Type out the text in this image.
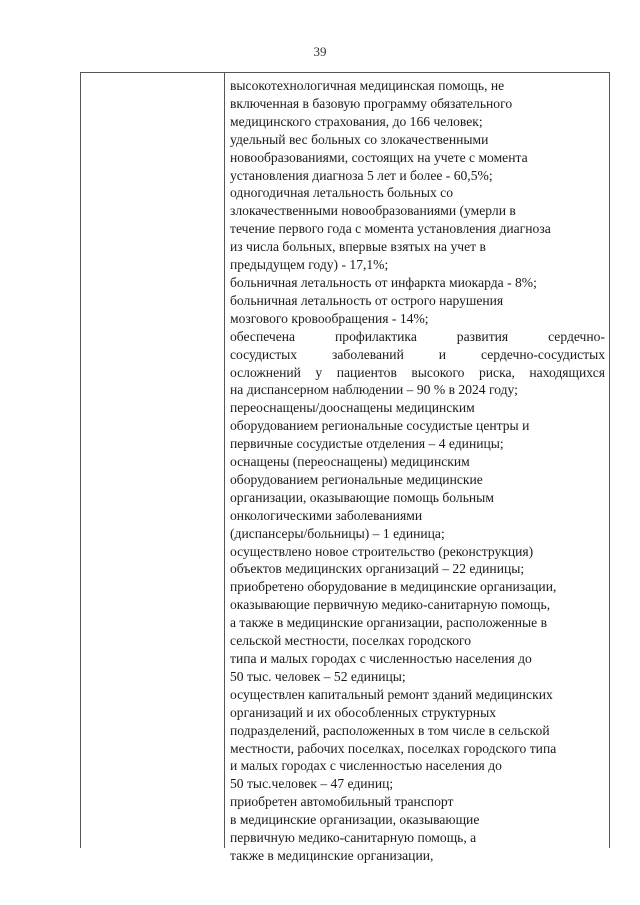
39
высокотехнологичная медицинская помощь, не
включенная в базовую программу обязательного
медицинского страхования, до 166 человек;
удельный вес больных со злокачественными
новообразованиями, состоящих на учете с момента
установления диагноза 5 лет и более - 60,5%;
одногодичная летальность больных со
злокачественными новообразованиями (умерли в
течение первого года с момента установления диагноза
из числа больных, впервые взятых на учет в
предыдущем году) - 17,1%;
больничная летальность от инфаркта миокарда - 8%;
больничная летальность от острого нарушения
мозгового кровообращения - 14%;
обеспечена профилактика развития сердечно-
сосудистых заболеваний и сердечно-сосудистых
осложнений у пациентов высокого риска, находящихся
на диспансерном наблюдении – 90 % в 2024 году;
переоснащены/дооснащены медицинским
оборудованием региональные сосудистые центры и
первичные сосудистые отделения – 4 единицы;
оснащены (переоснащены) медицинским
оборудованием региональные медицинские
организации, оказывающие помощь больным
онкологическими заболеваниями
(диспансеры/больницы) – 1 единица;
осуществлено новое строительство (реконструкция)
объектов медицинских организаций – 22 единицы;
приобретено оборудование в медицинские организации,
оказывающие первичную медико-санитарную помощь,
а также в медицинские организации, расположенные в
сельской местности, поселках городского
типа и малых городах с численностью населения до
50 тыс. человек – 52 единицы;
осуществлен капитальный ремонт зданий медицинских
организаций и их обособленных структурных
подразделений, расположенных в том числе в сельской
местности, рабочих поселках, поселках городского типа
и малых городах с численностью населения до
50 тыс.человек – 47 единиц;
приобретен автомобильный транспорт
в медицинские организации, оказывающие
первичную медико-санитарную помощь, а
также в медицинские организации,
